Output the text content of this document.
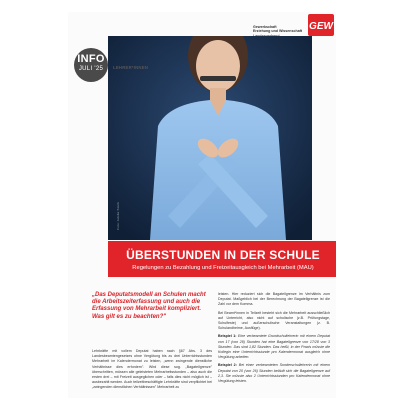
Gewerkschaft
Erziehung und Wissenschaft GEW
Foto: Adobe Stock
INFO
JULI '25	LEHRER*INNEN
ÜBERSTUNDEN IN DER SCHULE
Regelungen zu Bezahlung und Freizeitausgleich bei Mehrarbeit (MAU)
„Das Deputatsmodell an Schulen macht
die Arbeitszeiterfassung und auch die
Erfassung von Mehrarbeit kompliziert.
Was gilt es zu beachten?"
Lehrkräfte mit vollem Deputat haben nach §67 Abs. 3 des Landesbeamtengesetzes ohne Vergütung bis zu drei Unterrichtsstunden Mehrarbeit im Kalendermonat zu leisten, „wenn zwingende dienstliche Verhältnisse dies erfordern". Wird diese sog. „Bagatellgrenze" überschritten, müssen alle geleisteten Mehrarbeitsstunden – also auch die ersten drei – mit Freizeit ausgeglichen oder – falls dies nicht möglich ist – ausbezahlt werden. Auch teilzeitbeschäftigte Lehrkräfte sind verpflichtet bei „zwingenden dienstlichen Verhältnissen" Mehrarbeit zu

leisten. Hier reduziert sich die Bagatellgrenze im Verhältnis zum Deputat. Maßgeblich bei der Berechnung der Bagatellgrenze ist die Zahl vor dem Komma.

Bei Beamt*innen in Teilzeit besteht sich die Mehrarbeit ausschließlich auf Unterricht, also nicht auf schulische (z.B. Prüfungstage, Schulfeste) und außerschulische Veranstaltungen (z. B. Schulandheime, Ausflüge).

Beispiel 1: Eine verbeamtete Grundschullehrerin mit einem Deputat von 17 (von 28) Stunden hat eine Bagatellgrenze von 17/28 von 3 Stunden. Das sind 1,82 Stunden. Das heißt, in der Praxis müsste die Kollegin eine Unterrichtsstunde pro Kalendermonat ausgleich ohne Vergütung arbeiten.

Beispiel 2: Bei einer verbeamteten Sonderschullehrerin mit einem Deputat von 20 (von 26) Stunden beläuft sich die Bagatellgrenze auf 2,3. Sie müsste also 2 Unterrichtsstunden pro Kalendermonat ohne Vergütung leisten.
